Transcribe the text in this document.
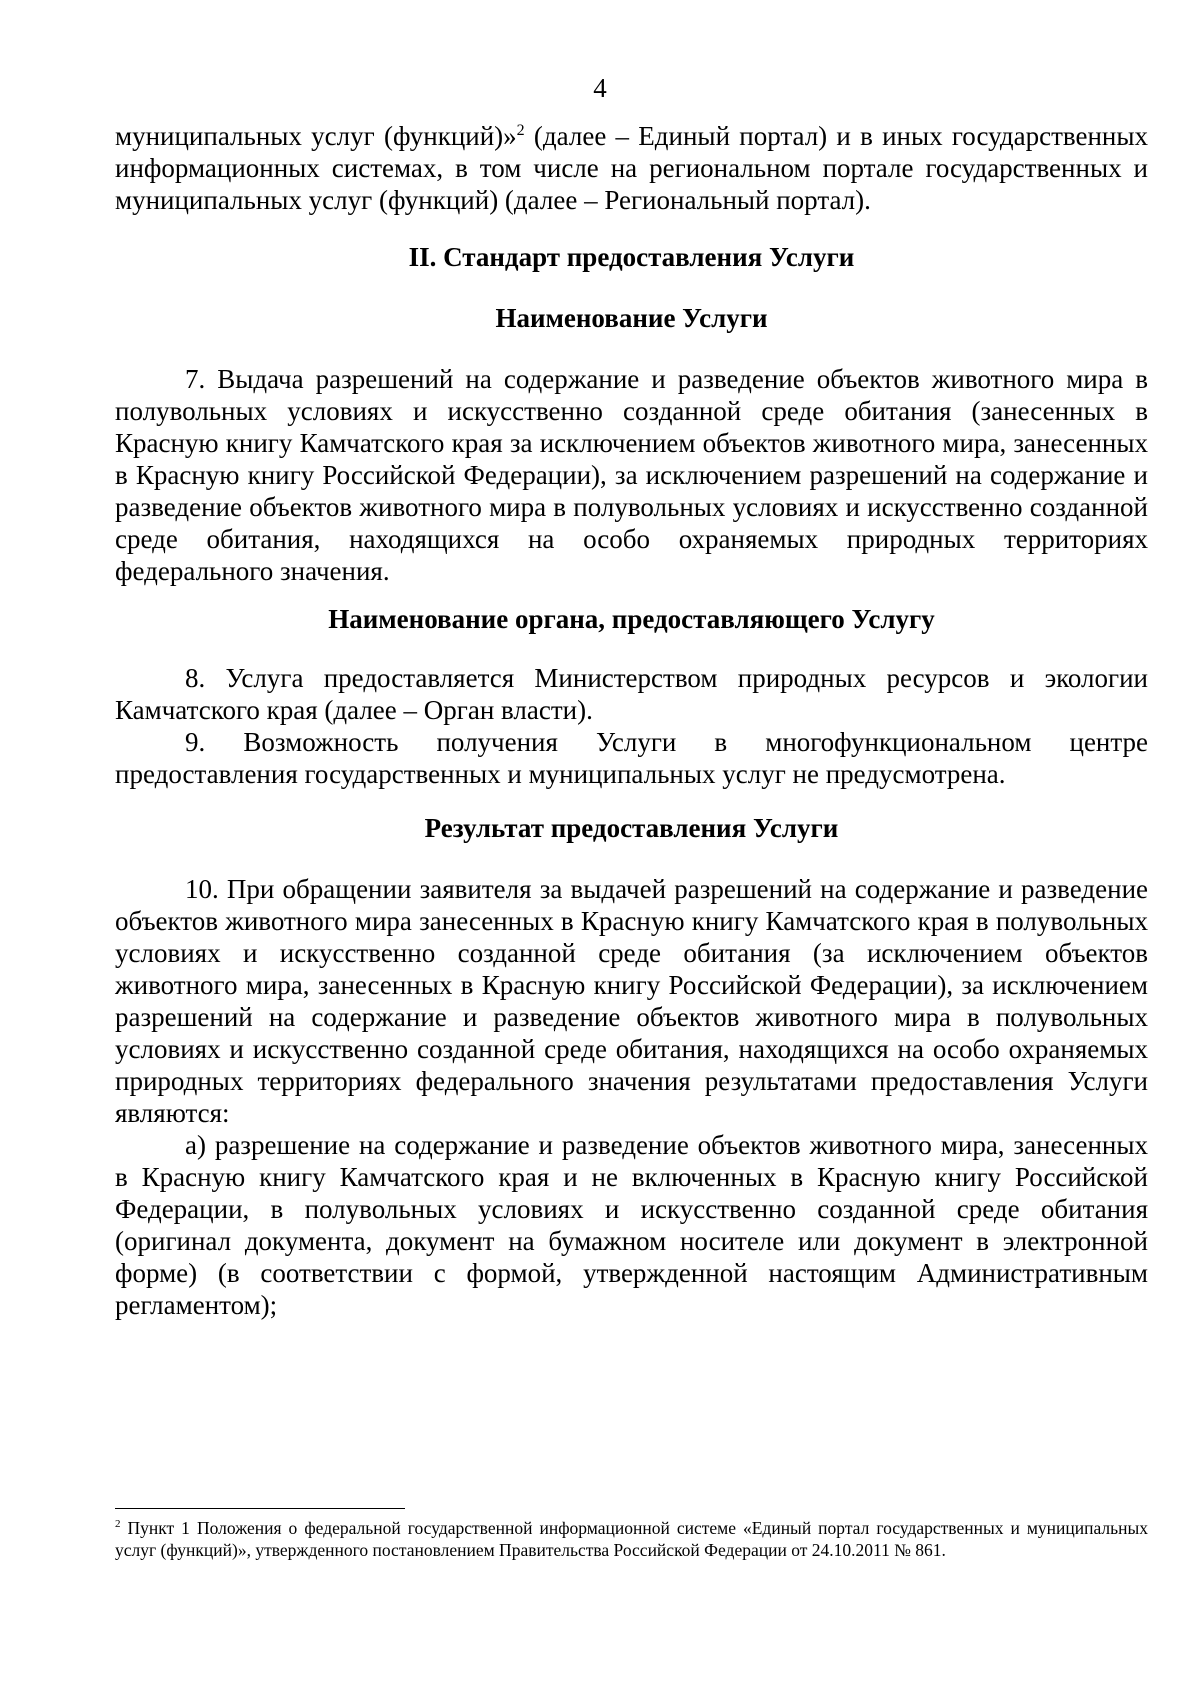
4

муниципальных услуг (функций)»$^2$ (далее – Единый портал) и в иных государственных информационных системах, в том числе на региональном портале государственных и муниципальных услуг (функций) (далее – Региональный портал).

II. Стандарт предоставления Услуги
Наименование Услуги

7. Выдача разрешений на содержание и разведение объектов животного мира в полувольных условиях и искусственно созданной среде обитания (занесенных в Красную книгу Камчатского края за исключением объектов животного мира, занесенных в Красную книгу Российской Федерации), за исключением разрешений на содержание и разведение объектов животного мира в полувольных условиях и искусственно созданной среде обитания, находящихся на особо охраняемых природных территориях федерального значения.

Наименование органа, предоставляющего Услугу

8. Услуга предоставляется Министерством природных ресурсов и экологии Камчатского края (далее – Орган власти).

9. Возможность получения Услуги в многофункциональном центре предоставления государственных и муниципальных услуг не предусмотрена.

Результат предоставления Услуги

10. При обращении заявителя за выдачей разрешений на содержание и разведение объектов животного мира занесенных в Красную книгу Камчатского края в полувольных условиях и искусственно созданной среде обитания (за исключением объектов животного мира, занесенных в Красную книгу Российской Федерации), за исключением разрешений на содержание и разведение объектов животного мира в полувольных условиях и искусственно созданной среде обитания, находящихся на особо охраняемых природных территориях федерального значения результатами предоставления Услуги являются:

а) разрешение на содержание и разведение объектов животного мира, занесенных в Красную книгу Камчатского края и не включенных в Красную книгу Российской Федерации, в полувольных условиях и искусственно созданной среде обитания (оригинал документа, документ на бумажном носителе или документ в электронной форме) (в соответствии с формой, утвержденной настоящим Административным регламентом);

$^2$ Пункт 1 Положения о федеральной государственной информационной системе «Единый портал государственных и муниципальных услуг (функций)», утвержденного постановлением Правительства Российской Федерации от 24.10.2011 № 861.
